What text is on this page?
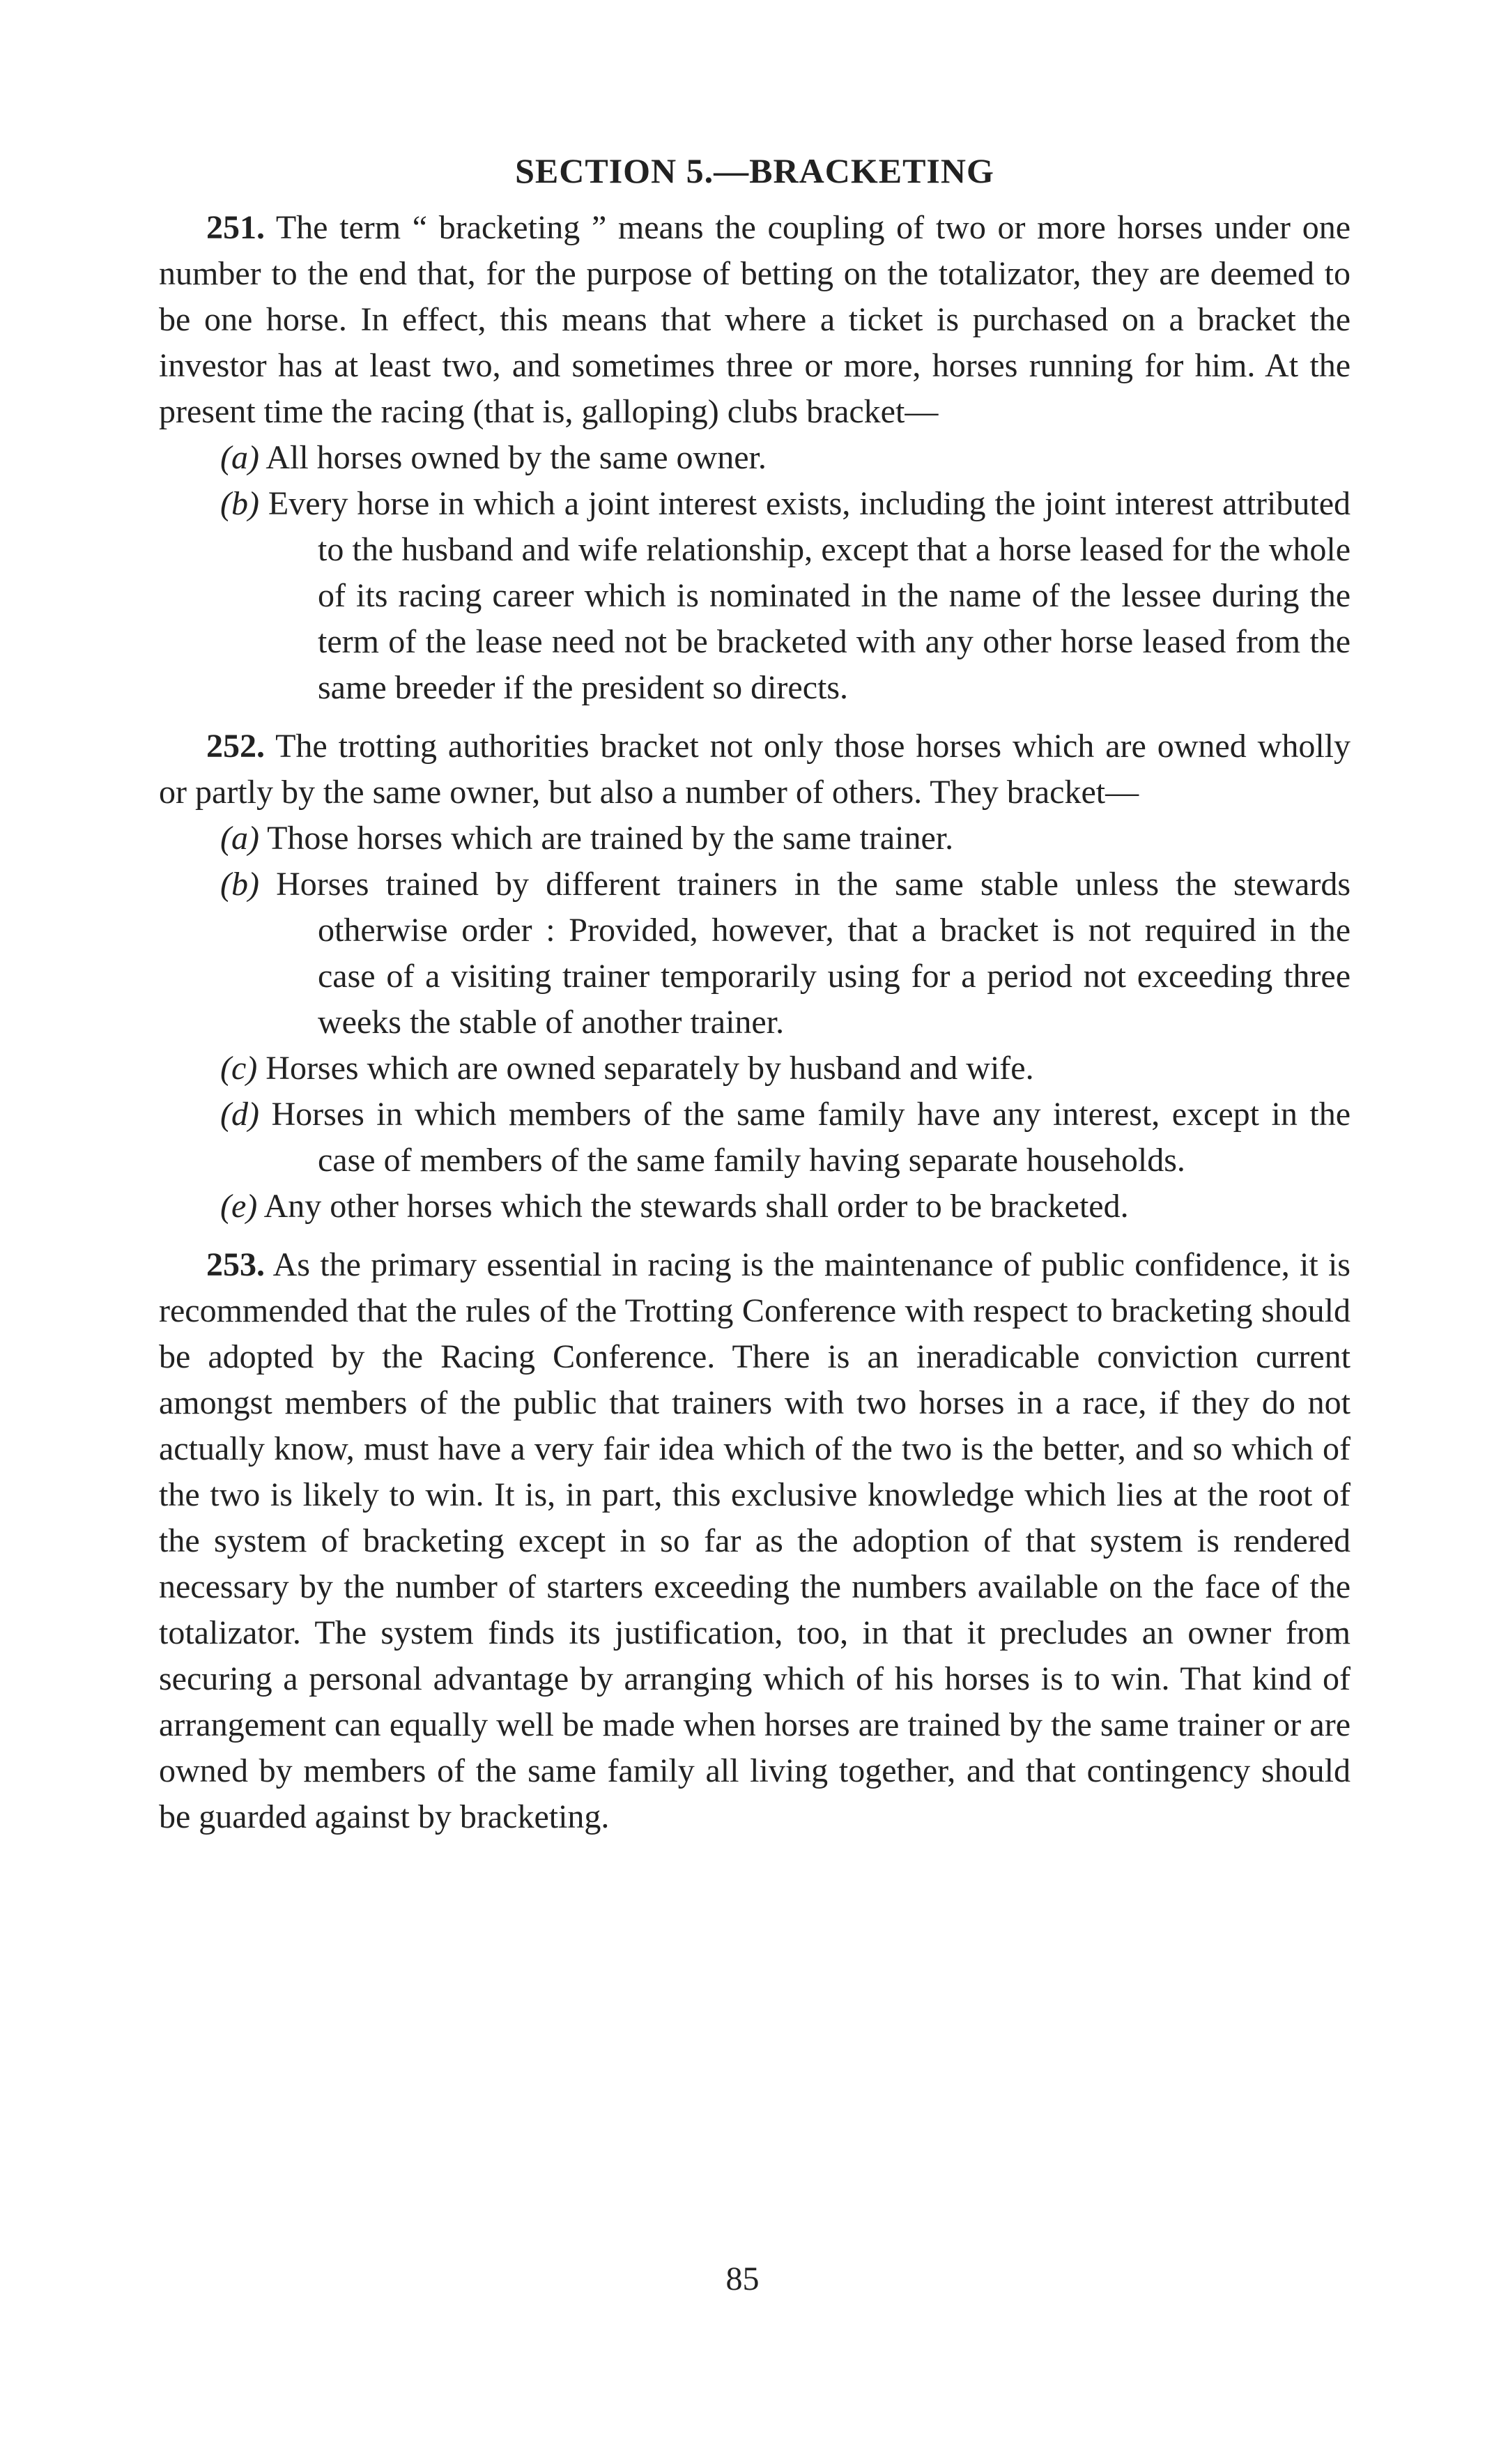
SECTION 5.—BRACKETING

251. The term “ bracketing ” means the coupling of two or more horses under one number to the end that, for the purpose of betting on the totalizator, they are deemed to be one horse. In effect, this means that where a ticket is purchased on a bracket the investor has at least two, and sometimes three or more, horses running for him. At the present time the racing (that is, galloping) clubs bracket—

(a) All horses owned by the same owner.
(b) Every horse in which a joint interest exists, including the joint interest attributed to the husband and wife relationship, except that a horse leased for the whole of its racing career which is nominated in the name of the lessee during the term of the lease need not be bracketed with any other horse leased from the same breeder if the president so directs.

252. The trotting authorities bracket not only those horses which are owned wholly or partly by the same owner, but also a number of others. They bracket—

(a) Those horses which are trained by the same trainer.
(b) Horses trained by different trainers in the same stable unless the stewards otherwise order : Provided, however, that a bracket is not required in the case of a visiting trainer temporarily using for a period not exceeding three weeks the stable of another trainer.
(c) Horses which are owned separately by husband and wife.
(d) Horses in which members of the same family have any interest, except in the case of members of the same family having separate households.
(e) Any other horses which the stewards shall order to be bracketed.

253. As the primary essential in racing is the maintenance of public confidence, it is recommended that the rules of the Trotting Conference with respect to bracketing should be adopted by the Racing Conference. There is an ineradicable conviction current amongst members of the public that trainers with two horses in a race, if they do not actually know, must have a very fair idea which of the two is the better, and so which of the two is likely to win. It is, in part, this exclusive knowledge which lies at the root of the system of bracketing except in so far as the adoption of that system is rendered necessary by the number of starters exceeding the numbers available on the face of the totalizator. The system finds its justification, too, in that it precludes an owner from securing a personal advantage by arranging which of his horses is to win. That kind of arrangement can equally well be made when horses are trained by the same trainer or are owned by members of the same family all living together, and that contingency should be guarded against by bracketing.

85
